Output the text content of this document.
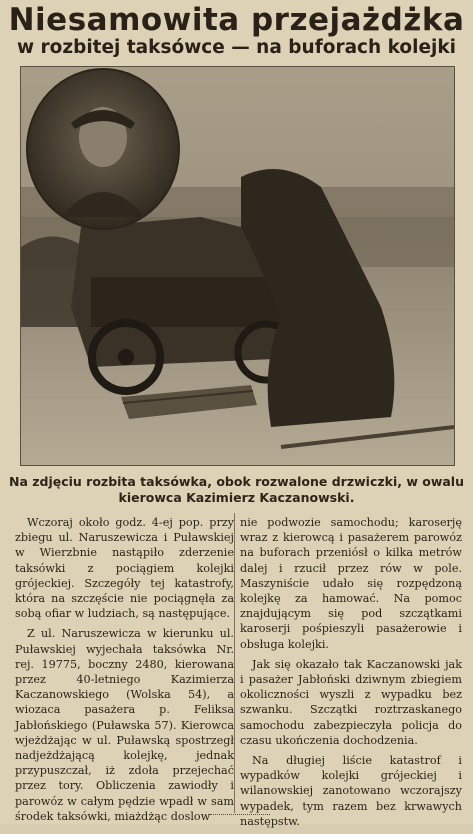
Niesamowita przejażdżka
w rozbitej taksówce — na buforach kolejki
Na zdjęciu rozbita taksówka, obok rozwalone drzwiczki, w owalu kierowca Kazimierz Kaczanowski.

Wczoraj około godz. 4-ej pop. przy zbiegu ul. Naruszewicza i Puławskiej w Wierzbnie nastąpiło zderzenie taksówki z pociągiem kolejki grójeckiej. Szczegóły tej katastrofy, która na szczęście nie pociągnęła za sobą ofiar w ludziach, są następujące.

Z ul. Naruszewicza w kierunku ul. Puławskiej wyjechała taksówka Nr. rej. 19775, boczny 2480, kierowana przez 40-letniego Kazimierza Kaczanowskiego (Wolska 54), a wiozaca pasażera p. Feliksa Jabłońskiego (Puławska 57). Kierowca wjeżdżając w ul. Puławską spostrzegł nadjeżdżającą kolejkę, jednak przypuszczał, iż zdoła przejechać przez tory. Obliczenia zawiodły i parowóz w całym pędzie wpadł w sam środek taksówki, miażdżąc doslow

nie podwozie samochodu; karoserję wraz z kierowcą i pasażerem parowóz na buforach przeniósł o kilka metrów dalej i rzucił przez rów w pole. Maszyniście udało się rozpędzoną kolejkę za hamować. Na pomoc znajdującym się pod szczątkami karoserji pośpieszyli pasażerowie i obsługa kolejki.

Jak się okazało tak Kaczanowski jak i pasażer Jabłoński dziwnym zbiegiem okoliczności wyszli z wypadku bez szwanku. Szczątki roztrzaskanego samochodu zabezpieczyła policja do czasu ukończenia dochodzenia.

Na długiej liście katastrof i wypadków kolejki grójeckiej i wilanowskiej zanotowano wczorajszy wypadek, tym razem bez krwawych następstw.
